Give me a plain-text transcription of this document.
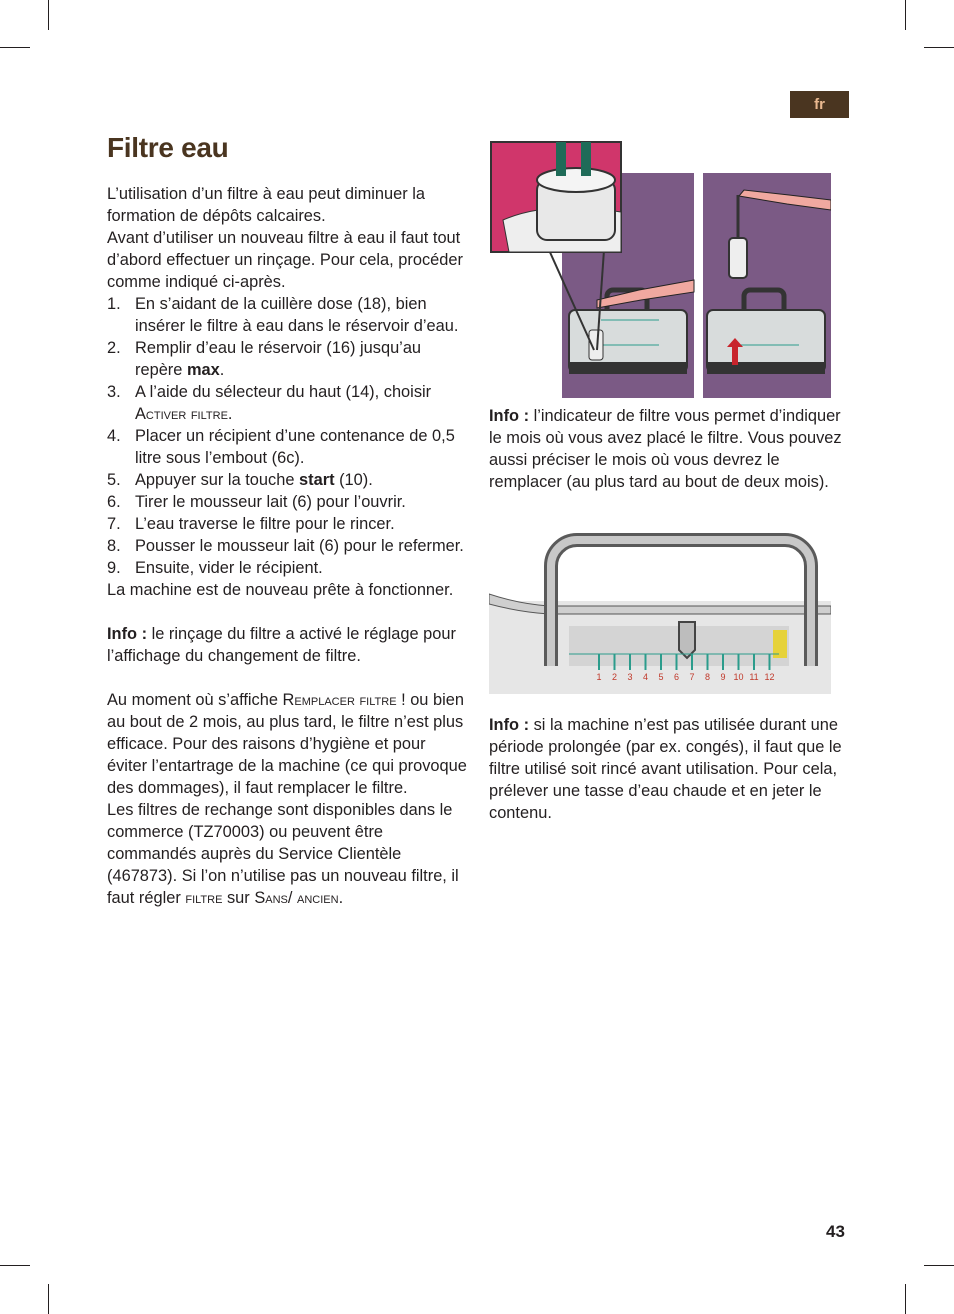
fr
Filtre eau

L’utilisation d’un filtre à eau peut diminuer la formation de dépôts calcaires.

Avant d’utiliser un nouveau filtre à eau il faut tout d’abord effectuer un rinçage. Pour cela, procéder comme indiqué ci-après.

1. En s’aidant de la cuillère dose (18), bien insérer le filtre à eau dans le réservoir d’eau.
2. Remplir d’eau le réservoir (16) jusqu’au repère max.
3. A l’aide du sélecteur du haut (14), choisir Activer filtre.
4. Placer un récipient d’une contenance de 0,5 litre sous l’embout (6c).
5. Appuyer sur la touche start (10).
6. Tirer le mousseur lait (6) pour l’ouvrir.
7. L’eau traverse le filtre pour le rincer.
8. Pousser le mousseur lait (6) pour le refermer.
9. Ensuite, vider le récipient.

La machine est de nouveau prête à fonctionner.

Info : le rinçage du filtre a activé le réglage pour l’affichage du changement de filtre.

Au moment où s’affiche Remplacer filtre ! ou bien au bout de 2 mois, au plus tard, le filtre n’est plus efficace. Pour des raisons d’hygiène et pour éviter l’entartrage de la machine (ce qui provoque des dommages), il faut remplacer le filtre.

Les filtres de rechange sont disponibles dans le commerce (TZ70003) ou peuvent être commandés auprès du Service Clientèle (467873). Si l’on n’utilise pas un nouveau filtre, il faut régler filtre sur Sans/ ancien.

Info : l’indicateur de filtre vous permet d’indiquer le mois où vous avez placé le filtre. Vous pouvez aussi préciser le mois où vous devrez le remplacer (au plus tard au bout de deux mois).

1 2 3 4 5 6 7 8 9 10 11 12

Info : si la machine n’est pas utilisée durant une période prolongée (par ex. congés), il faut que le filtre utilisé soit rincé avant utilisation. Pour cela, prélever une tasse d’eau chaude et en jeter le contenu.

43
